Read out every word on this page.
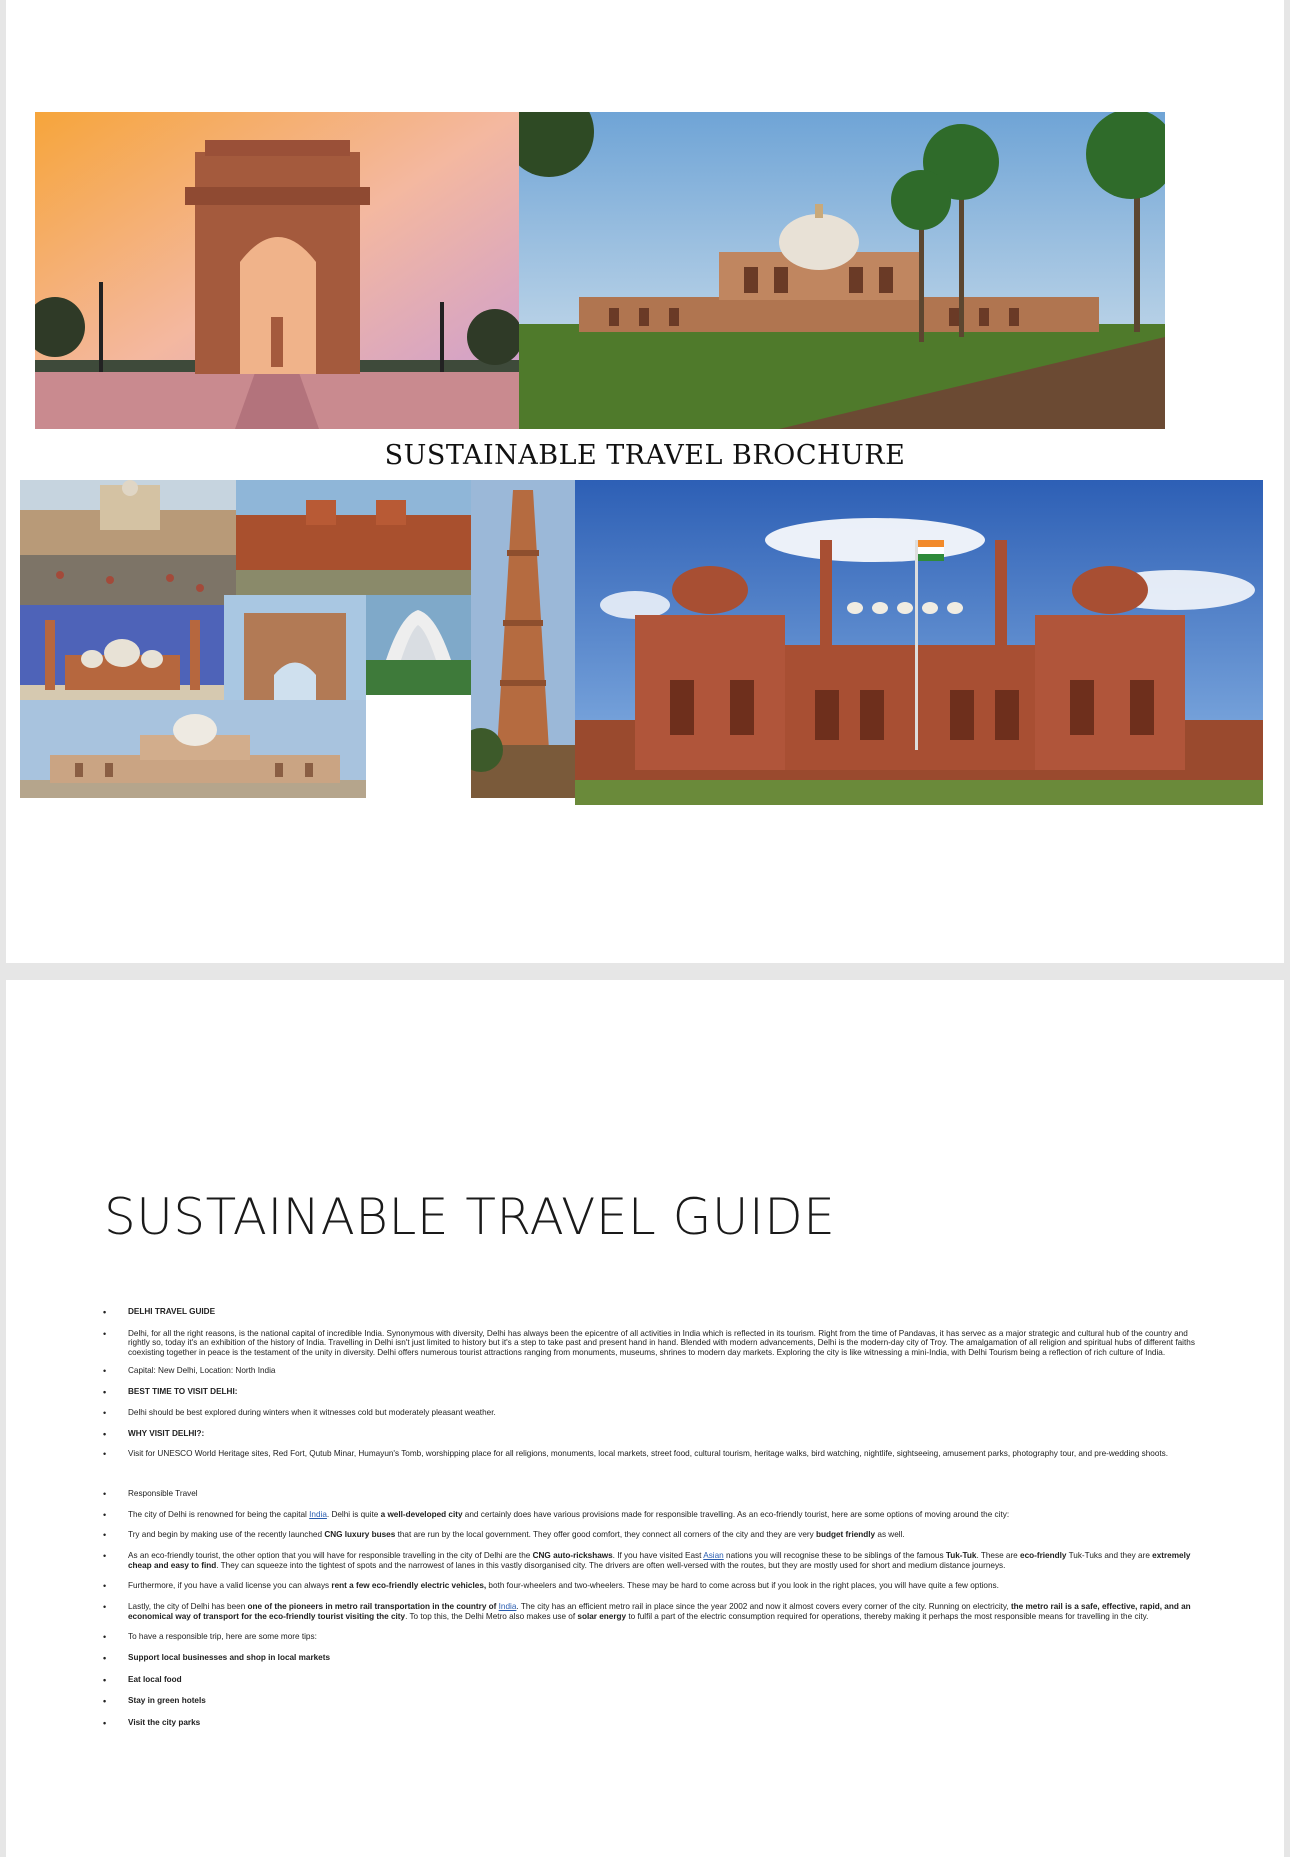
SUSTAINABLE TRAVEL BROCHURE
SUSTAINABLE TRAVEL GUIDE
• DELHI TRAVEL GUIDE
• Delhi, for all the right reasons, is the national capital of incredible India. Synonymous with diversity, Delhi has always been the epicentre of all activities in India which is reflected in its tourism. Right from the time of Pandavas, it has servec as a major strategic and cultural hub of the country and rightly so, today it's an exhibition of the history of India. Travelling in Delhi isn't just limited to history but it's a step to take past and present hand in hand. Blended with modern advancements, Delhi is the modern-day city of Troy. The amalgamation of all religion and spiritual hubs of different faiths coexisting together in peace is the testament of the unity in diversity. Delhi offers numerous tourist attractions ranging from monuments, museums, shrines to modern day markets. Exploring the city is like witnessing a mini-India, with Delhi Tourism being a reflection of rich culture of India.
• Capital: New Delhi, Location: North India
• BEST TIME TO VISIT DELHI:
• Delhi should be best explored during winters when it witnesses cold but moderately pleasant weather.
• WHY VISIT DELHI?:
• Visit for UNESCO World Heritage sites, Red Fort, Qutub Minar, Humayun's Tomb, worshipping place for all religions, monuments, local markets, street food, cultural tourism, heritage walks, bird watching, nightlife, sightseeing, amusement parks, photography tour, and pre-wedding shoots.
• Responsible Travel
• The city of Delhi is renowned for being the capital India. Delhi is quite a well-developed city and certainly does have various provisions made for responsible travelling. As an eco-friendly tourist, here are some options of moving around the city:
• Try and begin by making use of the recently launched CNG luxury buses that are run by the local government. They offer good comfort, they connect all corners of the city and they are very budget friendly as well.
• As an eco-friendly tourist, the other option that you will have for responsible travelling in the city of Delhi are the CNG auto-rickshaws. If you have visited East Asian nations you will recognise these to be siblings of the famous Tuk-Tuk. These are eco-friendly Tuk-Tuks and they are extremely cheap and easy to find. They can squeeze into the tightest of spots and the narrowest of lanes in this vastly disorganised city. The drivers are often well-versed with the routes, but they are mostly used for short and medium distance journeys.
• Furthermore, if you have a valid license you can always rent a few eco-friendly electric vehicles, both four-wheelers and two-wheelers. These may be hard to come across but if you look in the right places, you will have quite a few options.
• Lastly, the city of Delhi has been one of the pioneers in metro rail transportation in the country of India. The city has an efficient metro rail in place since the year 2002 and now it almost covers every corner of the city. Running on electricity, the metro rail is a safe, effective, rapid, and an economical way of transport for the eco-friendly tourist visiting the city. To top this, the Delhi Metro also makes use of solar energy to fulfil a part of the electric consumption required for operations, thereby making it perhaps the most responsible means for travelling in the city.
• To have a responsible trip, here are some more tips:
• Support local businesses and shop in local markets
• Eat local food
• Stay in green hotels
• Visit the city parks
